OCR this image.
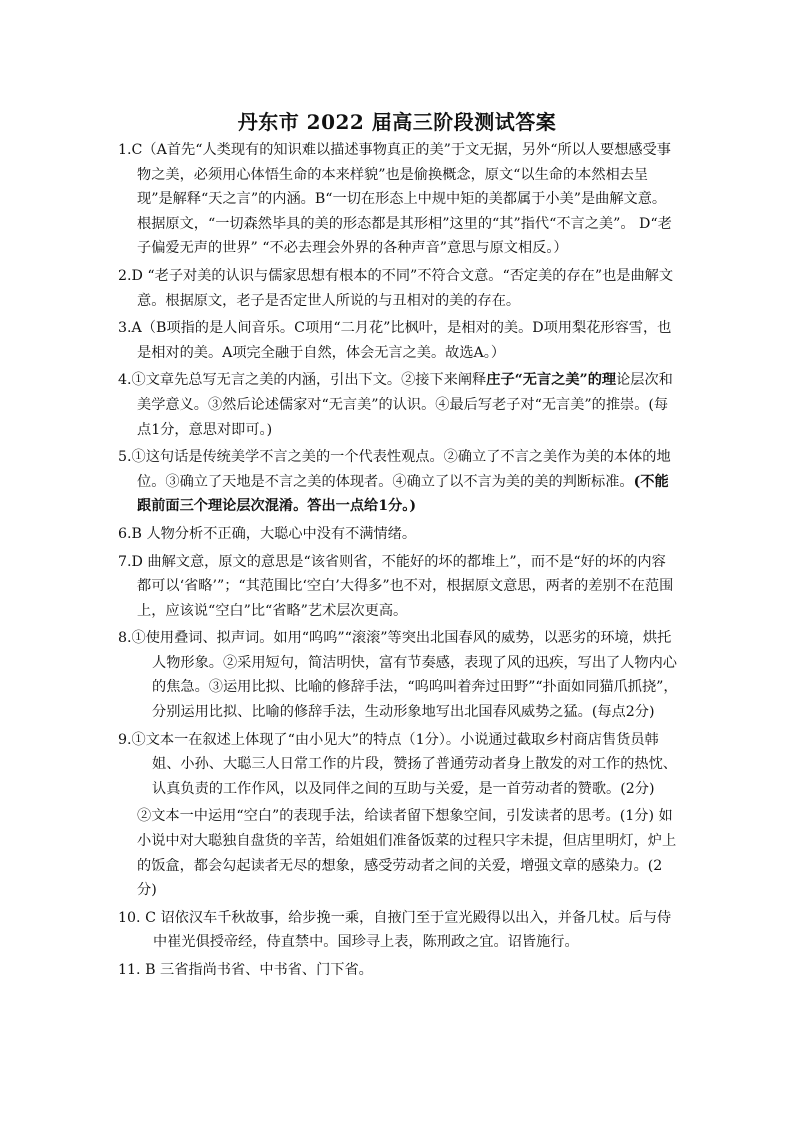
丹东市 2022 届高三阶段测试答案
1.C（A首先“人类现有的知识难以描述事物真正的美”于文无据，另外“所以人要想感受事物之美，必须用心体悟生命的本来样貌”也是偷换概念，原文“以生命的本然相去呈现”是解释“天之言”的内涵。B“一切在形态上中规中矩的美都属于小美”是曲解文意。根据原文，“一切森然毕具的美的形态都是其形相”这里的“其”指代“不言之美”。 D“老子偏爱无声的世界” “不必去理会外界的各种声音”意思与原文相反。）
2.D “老子对美的认识与儒家思想有根本的不同”不符合文意。“否定美的存在”也是曲解文意。根据原文，老子是否定世人所说的与丑相对的美的存在。
3.A（B项指的是人间音乐。C项用“二月花”比枫叶，是相对的美。D项用梨花形容雪，也是相对的美。A项完全融于自然，体会无言之美。故选A。）
4.①文章先总写无言之美的内涵，引出下文。②接下来阐释庄子“无言之美”的理论层次和美学意义。③然后论述儒家对“无言美”的认识。④最后写老子对“无言美”的推崇。(每点1分，意思对即可。)
5.①这句话是传统美学不言之美的一个代表性观点。②确立了不言之美作为美的本体的地位。③确立了天地是不言之美的体现者。④确立了以不言为美的美的判断标准。(不能跟前面三个理论层次混淆。答出一点给1分。)
6.B 人物分析不正确，大聪心中没有不满情绪。
7.D 曲解文意，原文的意思是“该省则省，不能好的坏的都堆上”，而不是“好的坏的内容都可以‘省略’”；“其范围比‘空白’大得多”也不对，根据原文意思，两者的差别不在范围上，应该说“空白”比“省略”艺术层次更高。
8.①使用叠词、拟声词。如用“呜呜”“滚滚”等突出北国春风的威势，以恶劣的环境，烘托人物形象。②采用短句，简洁明快，富有节奏感，表现了风的迅疾，写出了人物内心的焦急。③运用比拟、比喻的修辞手法，“呜呜叫着奔过田野”“扑面如同猫爪抓挠”，分别运用比拟、比喻的修辞手法，生动形象地写出北国春风威势之猛。(每点2分)
9.①文本一在叙述上体现了“由小见大”的特点（1分）。小说通过截取乡村商店售货员韩姐、小孙、大聪三人日常工作的片段，赞扬了普通劳动者身上散发的对工作的热忱、认真负责的工作作风，以及同伴之间的互助与关爱，是一首劳动者的赞歌。(2分)
②文本一中运用“空白”的表现手法，给读者留下想象空间，引发读者的思考。(1分) 如小说中对大聪独自盘货的辛苦，给姐姐们准备饭菜的过程只字未提，但店里明灯，炉上的饭盒，都会勾起读者无尽的想象，感受劳动者之间的关爱，增强文章的感染力。(2分)
10. C 诏依汉车千秋故事，给步挽一乘，自掖门至于宣光殿得以出入，并备几杖。后与侍中崔光俱授帝经，侍直禁中。国珍寻上表，陈刑政之宜。诏皆施行。
11. B 三省指尚书省、中书省、门下省。
